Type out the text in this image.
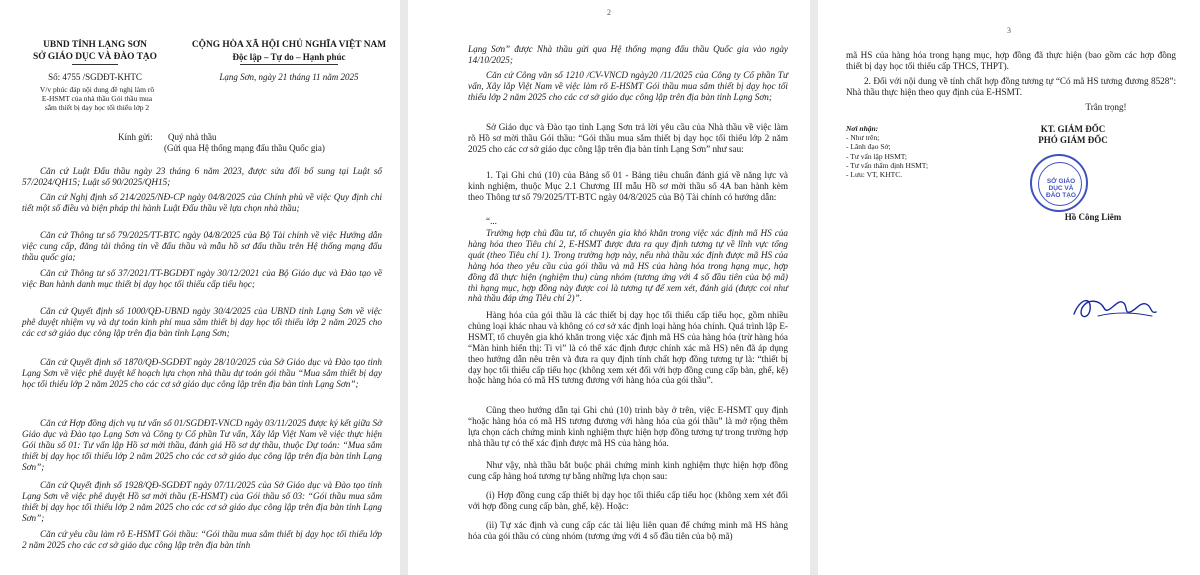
UBND TỈNH LẠNG SƠN
SỞ GIÁO DỤC VÀ ĐÀO TẠO
CỘNG HÒA XÃ HỘI CHỦ NGHĨA VIỆT NAM
Độc lập – Tự do – Hạnh phúc
Số: 4755 /SGDĐT-KHTC
V/v phúc đáp nội dung đề nghị làm rõ E-HSMT của nhà thầu Gói thầu mua sắm thiết bị dạy học tối thiểu lớp 2
Lạng Sơn, ngày 21 tháng 11 năm 2025
Kính gửi:	Quý nhà thầu
(Gửi qua Hệ thống mạng đấu thầu Quốc gia)
Căn cứ Luật Đấu thầu ngày 23 tháng 6 năm 2023, được sửa đổi bổ sung tại Luật số 57/2024/QH15; Luật số 90/2025/QH15;
Căn cứ Nghị định số 214/2025/NĐ-CP ngày 04/8/2025 của Chính phủ về việc Quy định chi tiết một số điều và biện pháp thi hành Luật Đấu thầu về lựa chọn nhà thầu;
Căn cứ Thông tư số 79/2025/TT-BTC ngày 04/8/2025 của Bộ Tài chính về việc Hướng dẫn việc cung cấp, đăng tải thông tin về đấu thầu và mẫu hồ sơ đấu thầu trên Hệ thống mạng đấu thầu quốc gia;
Căn cứ Thông tư số 37/2021/TT-BGDĐT ngày 30/12/2021 của Bộ Giáo dục và Đào tạo về việc Ban hành danh mục thiết bị dạy học tối thiểu cấp tiểu học;
Căn cứ Quyết định số 1000/QĐ-UBND ngày 30/4/2025 của UBND tỉnh Lạng Sơn về việc phê duyệt nhiệm vụ và dự toán kinh phí mua sắm thiết bị dạy học tối thiểu lớp 2 năm 2025 cho các cơ sở giáo dục công lập trên địa bàn tỉnh Lạng Sơn;
Căn cứ Quyết định số 1870/QĐ-SGDĐT ngày 28/10/2025 của Sở Giáo dục và Đào tạo tỉnh Lạng Sơn về việc phê duyệt kế hoạch lựa chọn nhà thầu dự toán gói thầu “Mua sắm thiết bị dạy học tối thiểu lớp 2 năm 2025 cho các cơ sở giáo dục công lập trên địa bàn tỉnh Lạng Sơn”;
Căn cứ Hợp đồng dịch vụ tư vấn số 01/SGDĐT-VNCD ngày 03/11/2025 được ký kết giữa Sở Giáo dục và Đào tạo Lạng Sơn và Công ty Cổ phần Tư vấn, Xây lắp Việt Nam về việc thực hiện Gói thầu số 01: Tư vấn lập Hồ sơ mời thầu, đánh giá Hồ sơ dự thầu, thuộc Dự toán: “Mua sắm thiết bị dạy học tối thiểu lớp 2 năm 2025 cho các cơ sở giáo dục công lập trên địa bàn tỉnh Lạng Sơn”;
Căn cứ Quyết định số 1928/QĐ-SGDĐT ngày 07/11/2025 của Sở Giáo dục và Đào tạo tỉnh Lạng Sơn về việc phê duyệt Hồ sơ mời thầu (E-HSMT) của Gói thầu số 03: “Gói thầu mua sắm thiết bị dạy học tối thiểu lớp 2 năm 2025 cho các cơ sở giáo dục công lập trên địa bàn tỉnh Lạng Sơn”;
Căn cứ yêu cầu làm rõ E-HSMT Gói thầu: “Gói thầu mua sắm thiết bị dạy học tối thiểu lớp 2 năm 2025 cho các cơ sở giáo dục công lập trên địa bàn tỉnh
2
Lạng Sơn” được Nhà thầu gửi qua Hệ thống mạng đấu thầu Quốc gia vào ngày 14/10/2025;
Căn cứ Công văn số 1210 /CV-VNCD ngày20 /11/2025 của Công ty Cổ phần Tư vấn, Xây lắp Việt Nam về việc làm rõ E-HSMT Gói thầu mua sắm thiết bị dạy học tối thiểu lớp 2 năm 2025 cho các cơ sở giáo dục công lập trên địa bàn tỉnh Lạng Sơn;
Sở Giáo dục và Đào tạo tỉnh Lạng Sơn trả lời yêu cầu của Nhà thầu về việc làm rõ Hồ sơ mời thầu Gói thầu: “Gói thầu mua sắm thiết bị dạy học tối thiểu lớp 2 năm 2025 cho các cơ sở giáo dục công lập trên địa bàn tỉnh Lạng Sơn” như sau:
1. Tại Ghi chú (10) của Bảng số 01 - Bảng tiêu chuẩn đánh giá về năng lực và kinh nghiệm, thuộc Mục 2.1 Chương III mẫu Hồ sơ mời thầu số 4A ban hành kèm theo Thông tư số 79/2025/TT-BTC ngày 04/8/2025 của Bộ Tài chính có hướng dẫn:
“...
Trường hợp chủ đầu tư, tổ chuyên gia khó khăn trong việc xác định mã HS của hàng hóa theo Tiêu chí 2, E-HSMT được đưa ra quy định tương tự về lĩnh vực tổng quát (theo Tiêu chí 1). Trong trường hợp này, nếu nhà thầu xác định được mã HS của hàng hóa theo yêu cầu của gói thầu và mã HS của hàng hóa trong hạng mục, hợp đồng đã thực hiện (nghiệm thu) cùng nhóm (tương ứng với 4 số đầu tiên của bộ mã) thì hạng mục, hợp đồng này được coi là tương tự để xem xét, đánh giá (được coi như nhà thầu đáp ứng Tiêu chí 2)”.
Hàng hóa của gói thầu là các thiết bị dạy học tối thiểu cấp tiểu học, gồm nhiều chủng loại khác nhau và không có cơ sở xác định loại hàng hóa chính. Quá trình lập E-HSMT, tổ chuyên gia khó khăn trong việc xác định mã HS của hàng hóa (trừ hàng hóa “Màn hình hiển thị: Ti vi” là có thể xác định được chính xác mã HS) nên đã áp dụng theo hướng dẫn nêu trên và đưa ra quy định tính chất hợp đồng tương tự là: “thiết bị dạy học tối thiểu cấp tiểu học (không xem xét đối với hợp đồng cung cấp bàn, ghế, kệ) hoặc hàng hóa có mã HS tương đương với hàng hóa của gói thầu”.
Cũng theo hướng dẫn tại Ghi chú (10) trình bày ở trên, việc E-HSMT quy định “hoặc hàng hóa có mã HS tương đương với hàng hóa của gói thầu” là mở rộng thêm lựa chọn cách chứng minh kinh nghiệm thực hiện hợp đồng tương tự trong trường hợp nhà thầu tự có thể xác định được mã HS của hàng hóa.
Như vậy, nhà thầu bắt buộc phải chứng minh kinh nghiệm thực hiện hợp đồng cung cấp hàng hoá tương tự bằng những lựa chọn sau:
(i) Hợp đồng cung cấp thiết bị dạy học tối thiểu cấp tiểu học (không xem xét đối với hợp đồng cung cấp bàn, ghế, kệ). Hoặc:
(ii) Tự xác định và cung cấp các tài liệu liên quan để chứng minh mã HS hàng hóa của gói thầu có cùng nhóm (tương ứng với 4 số đầu tiên của bộ mã)
3
mã HS của hàng hóa trong hạng mục, hợp đồng đã thực hiện (bao gồm các hợp đồng thiết bị dạy học tối thiểu cấp THCS, THPT).
2. Đối với nội dung về tính chất hợp đồng tương tự “Có mã HS tương đương 8528”: Nhà thầu thực hiện theo quy định của E-HSMT.
Trân trọng!
Nơi nhận:
- Như trên;
- Lãnh đạo Sở;
- Tư vấn lập HSMT;
- Tư vấn thẩm định HSMT;
- Lưu: VT, KHTC.
KT. GIÁM ĐỐC
PHÓ GIÁM ĐỐC
SỞ GIÁO DỤC VÀ ĐÀO TẠO
Hồ Công Liêm
